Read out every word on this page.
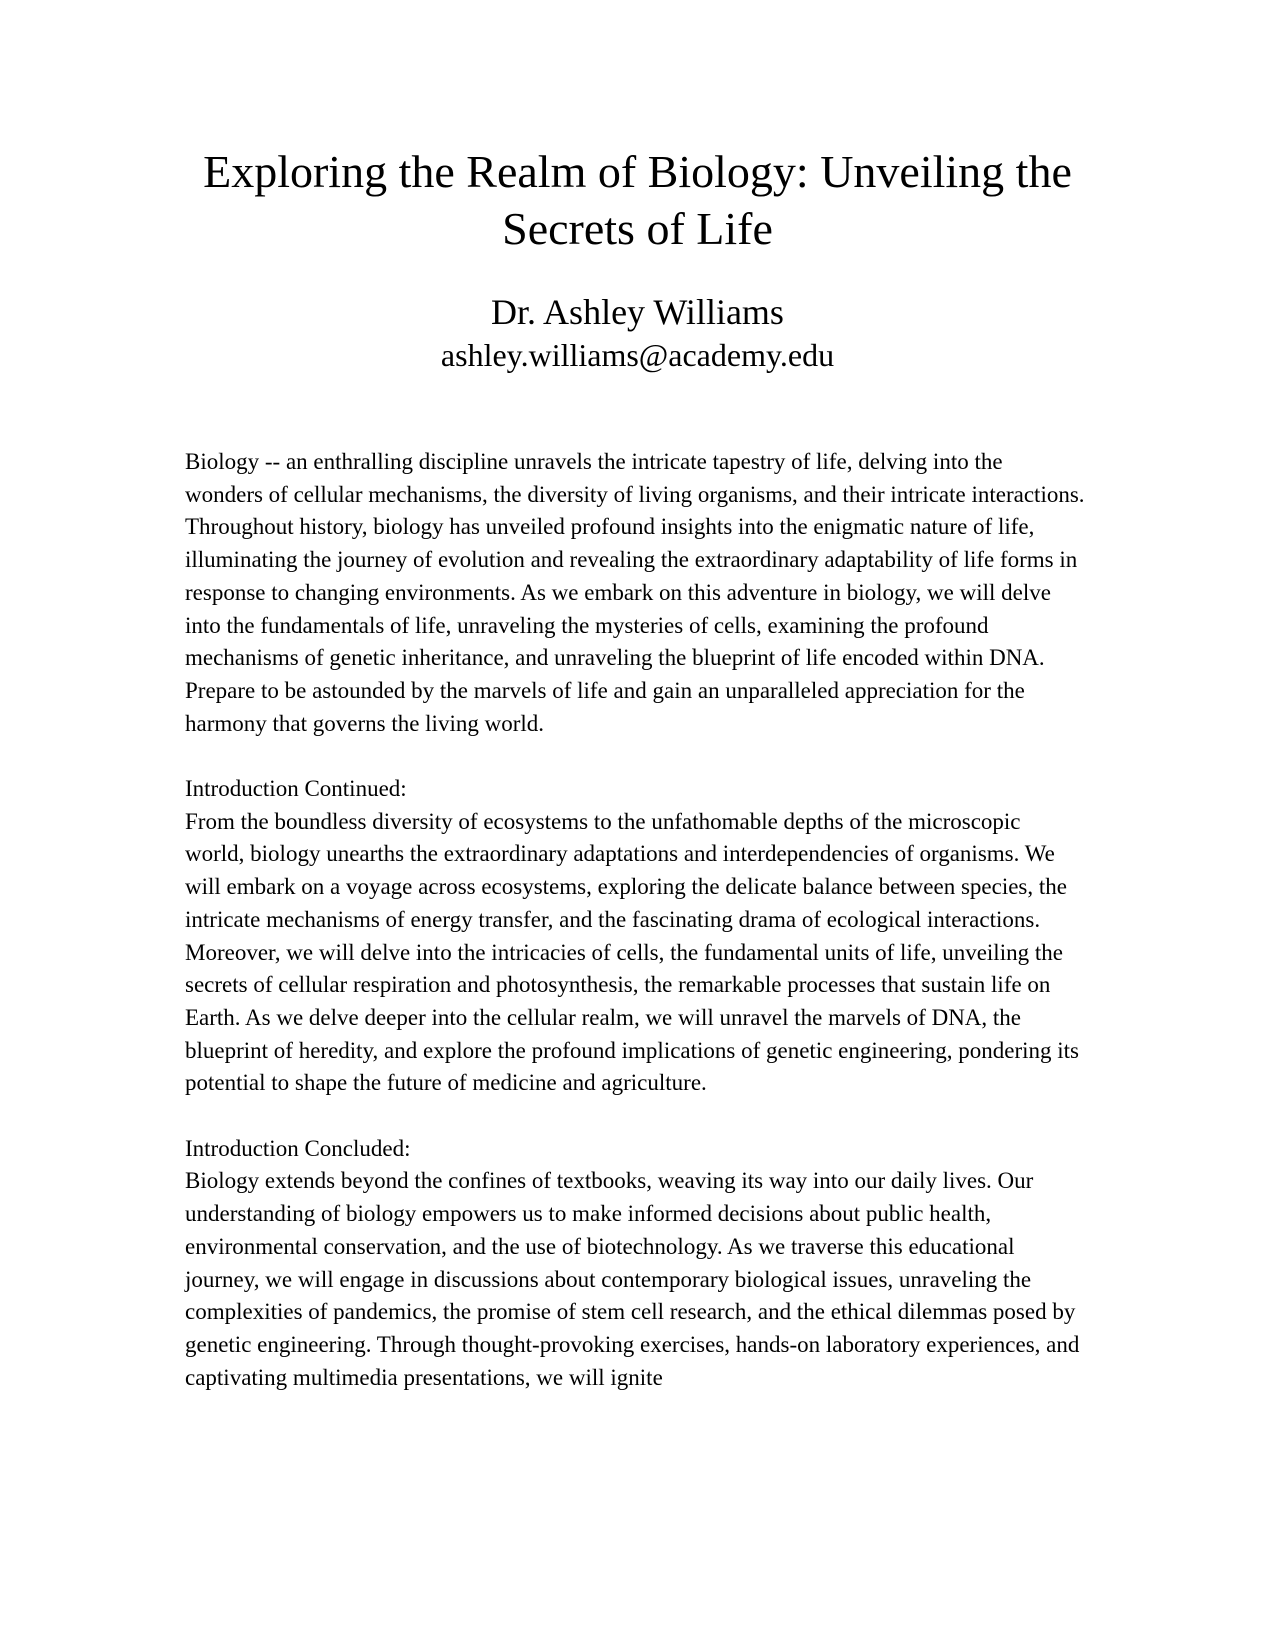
Exploring the Realm of Biology: Unveiling the
Secrets of Life
Dr. Ashley Williams
ashley.williams@academy.edu

Biology -- an enthralling discipline unravels the intricate tapestry of life, delving into the wonders of cellular mechanisms, the diversity of living organisms, and their intricate interactions. Throughout history, biology has unveiled profound insights into the enigmatic nature of life, illuminating the journey of evolution and revealing the extraordinary adaptability of life forms in response to changing environments. As we embark on this adventure in biology, we will delve into the fundamentals of life, unraveling the mysteries of cells, examining the profound mechanisms of genetic inheritance, and unraveling the blueprint of life encoded within DNA. Prepare to be astounded by the marvels of life and gain an unparalleled appreciation for the harmony that governs the living world.

Introduction Continued:

From the boundless diversity of ecosystems to the unfathomable depths of the microscopic world, biology unearths the extraordinary adaptations and interdependencies of organisms. We will embark on a voyage across ecosystems, exploring the delicate balance between species, the intricate mechanisms of energy transfer, and the fascinating drama of ecological interactions. Moreover, we will delve into the intricacies of cells, the fundamental units of life, unveiling the secrets of cellular respiration and photosynthesis, the remarkable processes that sustain life on Earth. As we delve deeper into the cellular realm, we will unravel the marvels of DNA, the blueprint of heredity, and explore the profound implications of genetic engineering, pondering its potential to shape the future of medicine and agriculture.

Introduction Concluded:

Biology extends beyond the confines of textbooks, weaving its way into our daily lives. Our understanding of biology empowers us to make informed decisions about public health, environmental conservation, and the use of biotechnology. As we traverse this educational journey, we will engage in discussions about contemporary biological issues, unraveling the complexities of pandemics, the promise of stem cell research, and the ethical dilemmas posed by genetic engineering. Through thought-provoking exercises, hands-on laboratory experiences, and captivating multimedia presentations, we will ignite
